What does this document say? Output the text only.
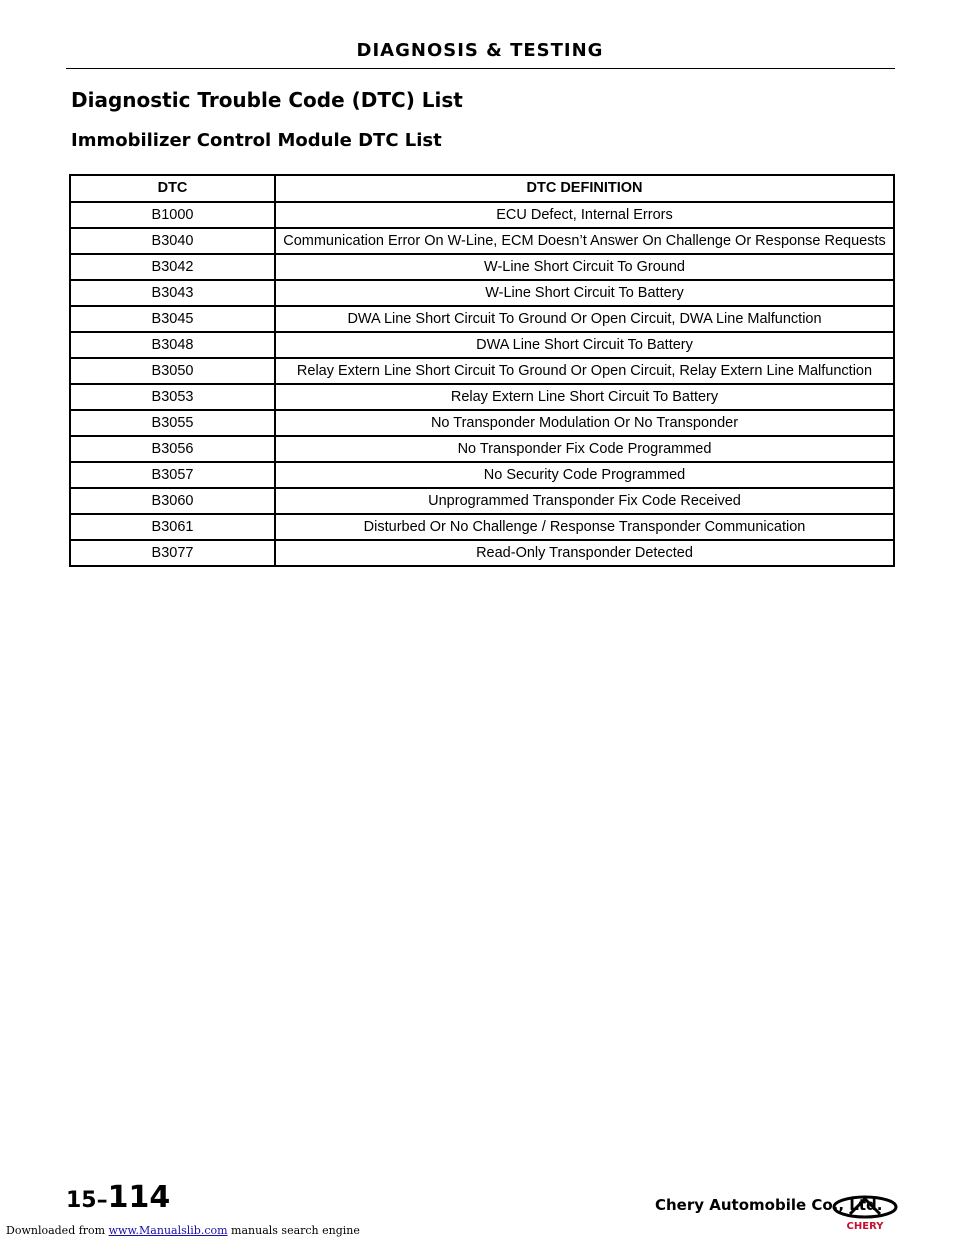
DIAGNOSIS & TESTING
Diagnostic Trouble Code (DTC) List
Immobilizer Control Module DTC List
DTC	DTC DEFINITION
B1000	ECU Defect, Internal Errors
B3040	Communication Error On W-Line, ECM Doesn’t Answer On Challenge Or Response Requests
B3042	W-Line Short Circuit To Ground
B3043	W-Line Short Circuit To Battery
B3045	DWA Line Short Circuit To Ground Or Open Circuit, DWA Line Malfunction
B3048	DWA Line Short Circuit To Battery
B3050	Relay Extern Line Short Circuit To Ground Or Open Circuit, Relay Extern Line Malfunction
B3053	Relay Extern Line Short Circuit To Battery
B3055	No Transponder Modulation Or No Transponder
B3056	No Transponder Fix Code Programmed
B3057	No Security Code Programmed
B3060	Unprogrammed Transponder Fix Code Received
B3061	Disturbed Or No Challenge / Response Transponder Communication
B3077	Read-Only Transponder Detected
15–114	Chery Automobile Co., Ltd.
CHERY
Downloaded from www.Manualslib.com manuals search engine
